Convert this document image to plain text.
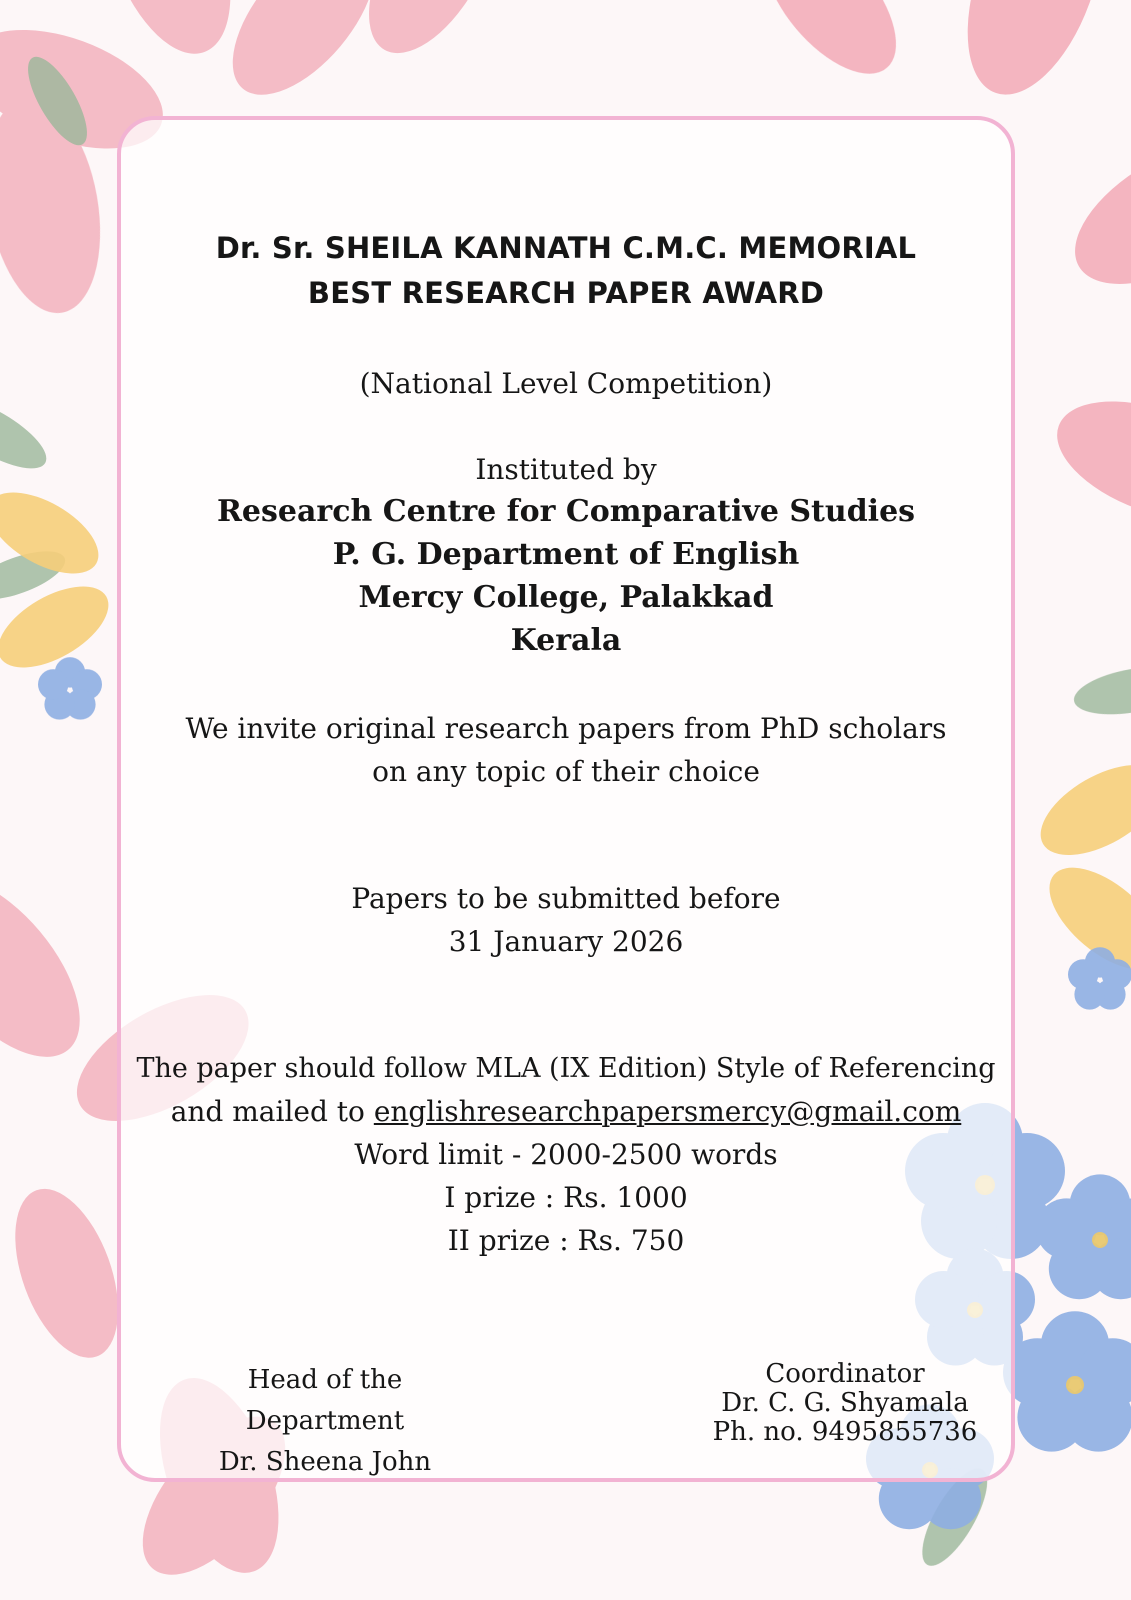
Dr. Sr. SHEILA KANNATH C.M.C. MEMORIAL

BEST RESEARCH PAPER AWARD

(National Level Competition)

Instituted by

Research Centre for Comparative Studies

P. G. Department of English

Mercy College, Palakkad

Kerala

We invite original research papers from PhD scholars

on any topic of their choice

Papers to be submitted before

31 January 2026

The paper should follow MLA (IX Edition) Style of Referencing

and mailed to englishresearchpapersmercy@gmail.com

Word limit - 2000-2500 words

I prize : Rs. 1000

II prize : Rs. 750

Head of the Department
Dr. Sheena John
Coordinator
Dr. C. G. Shyamala
Ph. no. 9495855736
